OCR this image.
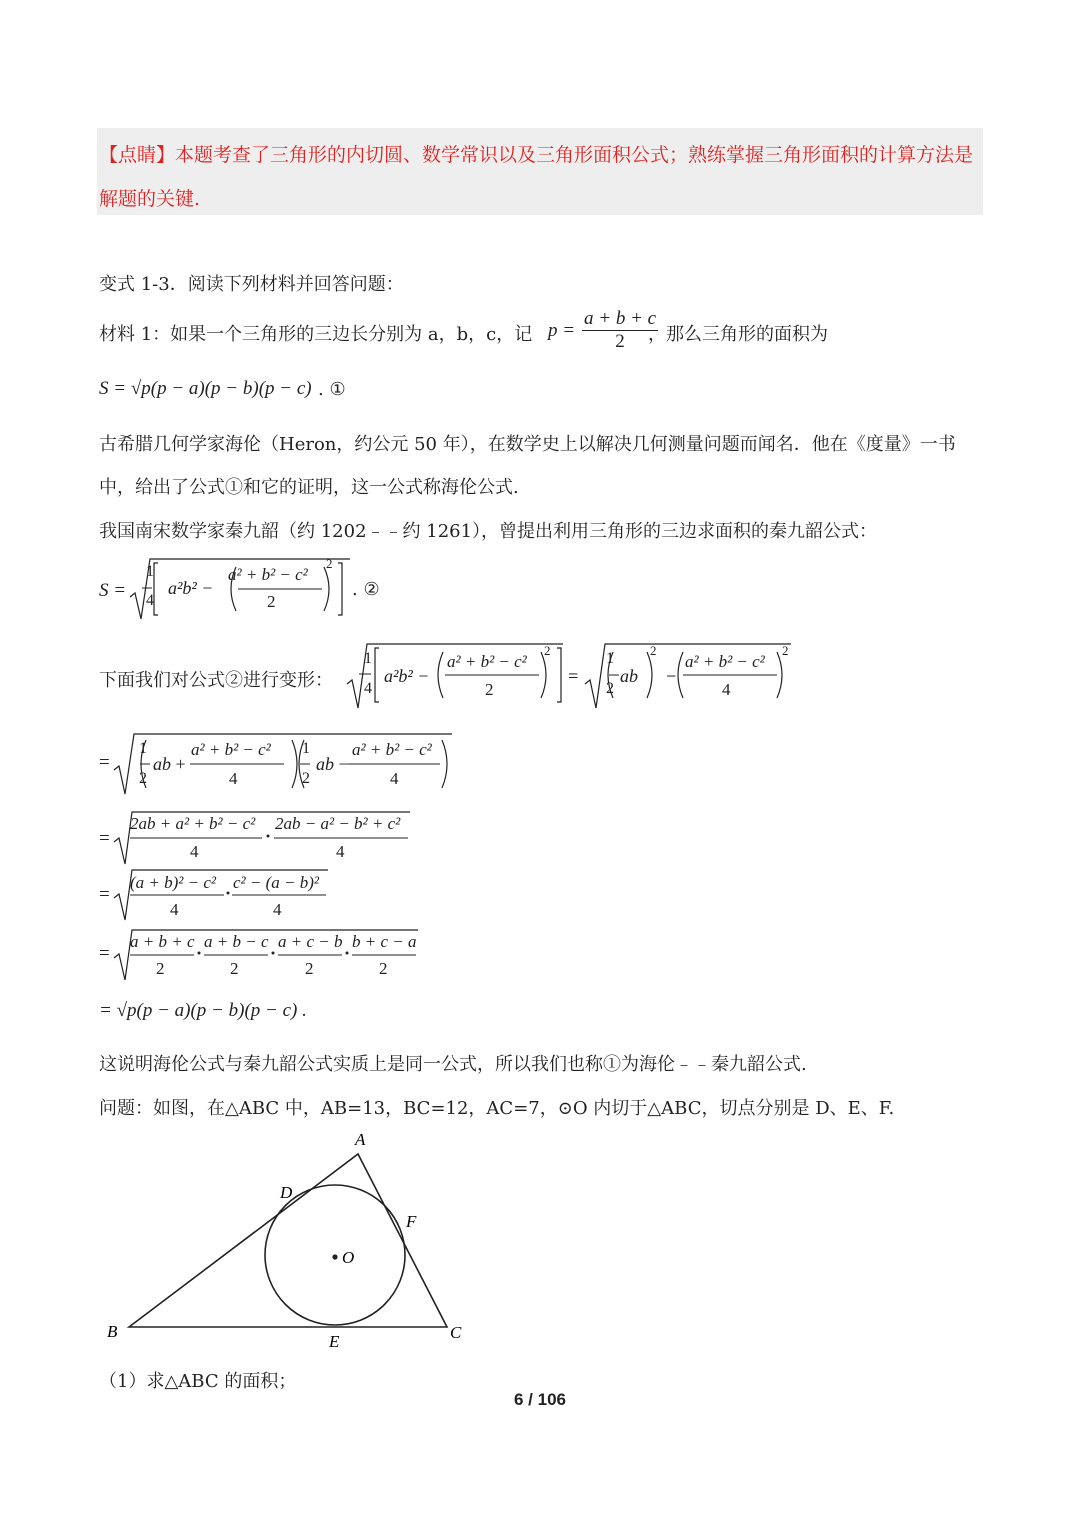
【点睛】本题考查了三角形的内切圆、数学常识以及三角形面积公式；熟练掌握三角形面积的计算方法是
解题的关键.
变式 1-3．阅读下列材料并回答问题：
材料 1：如果一个三角形的三边长分别为 a，b，c，记 $p = \frac{a + b + c}{2}$
，那么三角形的面积为
S = √p(p − a)(p − b)(p − c) . ①
古希腊几何学家海伦（Heron，约公元 50 年），在数学史上以解决几何测量问题而闻名．他在《度量》一书
中，给出了公式①和它的证明，这一公式称海伦公式.
我国南宋数学家秦九韶（约 1202﹣﹣约 1261），曾提出利用三角形的三边求面积的秦九韶公式：
S =
1
4
a²b² −
a² + b² − c²
2
2
. ②
下面我们对公式②进行变形：	=	−
1
4
a²b² −
a² + b² − c²
2
2	1
2
ab
2
a² + b² − c²
4
2
=
1
2
ab +
a² + b² − c²
4
1
2
ab −
a² + b² − c²
4
=
2ab + a² + b² − c²
4
2ab − a² − b² + c²
4
=
(a + b)² − c²
4
c² − (a − b)²
4
=
a + b + c
2
a + b − c
2
a + c − b
2
b + c − a
2
= √p(p − a)(p − b)(p − c) .
这说明海伦公式与秦九韶公式实质上是同一公式，所以我们也称①为海伦﹣﹣秦九韶公式.
问题：如图，在△ABC 中，AB=13，BC=12，AC=7，⊙O 内切于△ABC，切点分别是 D、E、F.
A
B	C
D
E
F
O
（1）求△ABC 的面积；
6 / 106
